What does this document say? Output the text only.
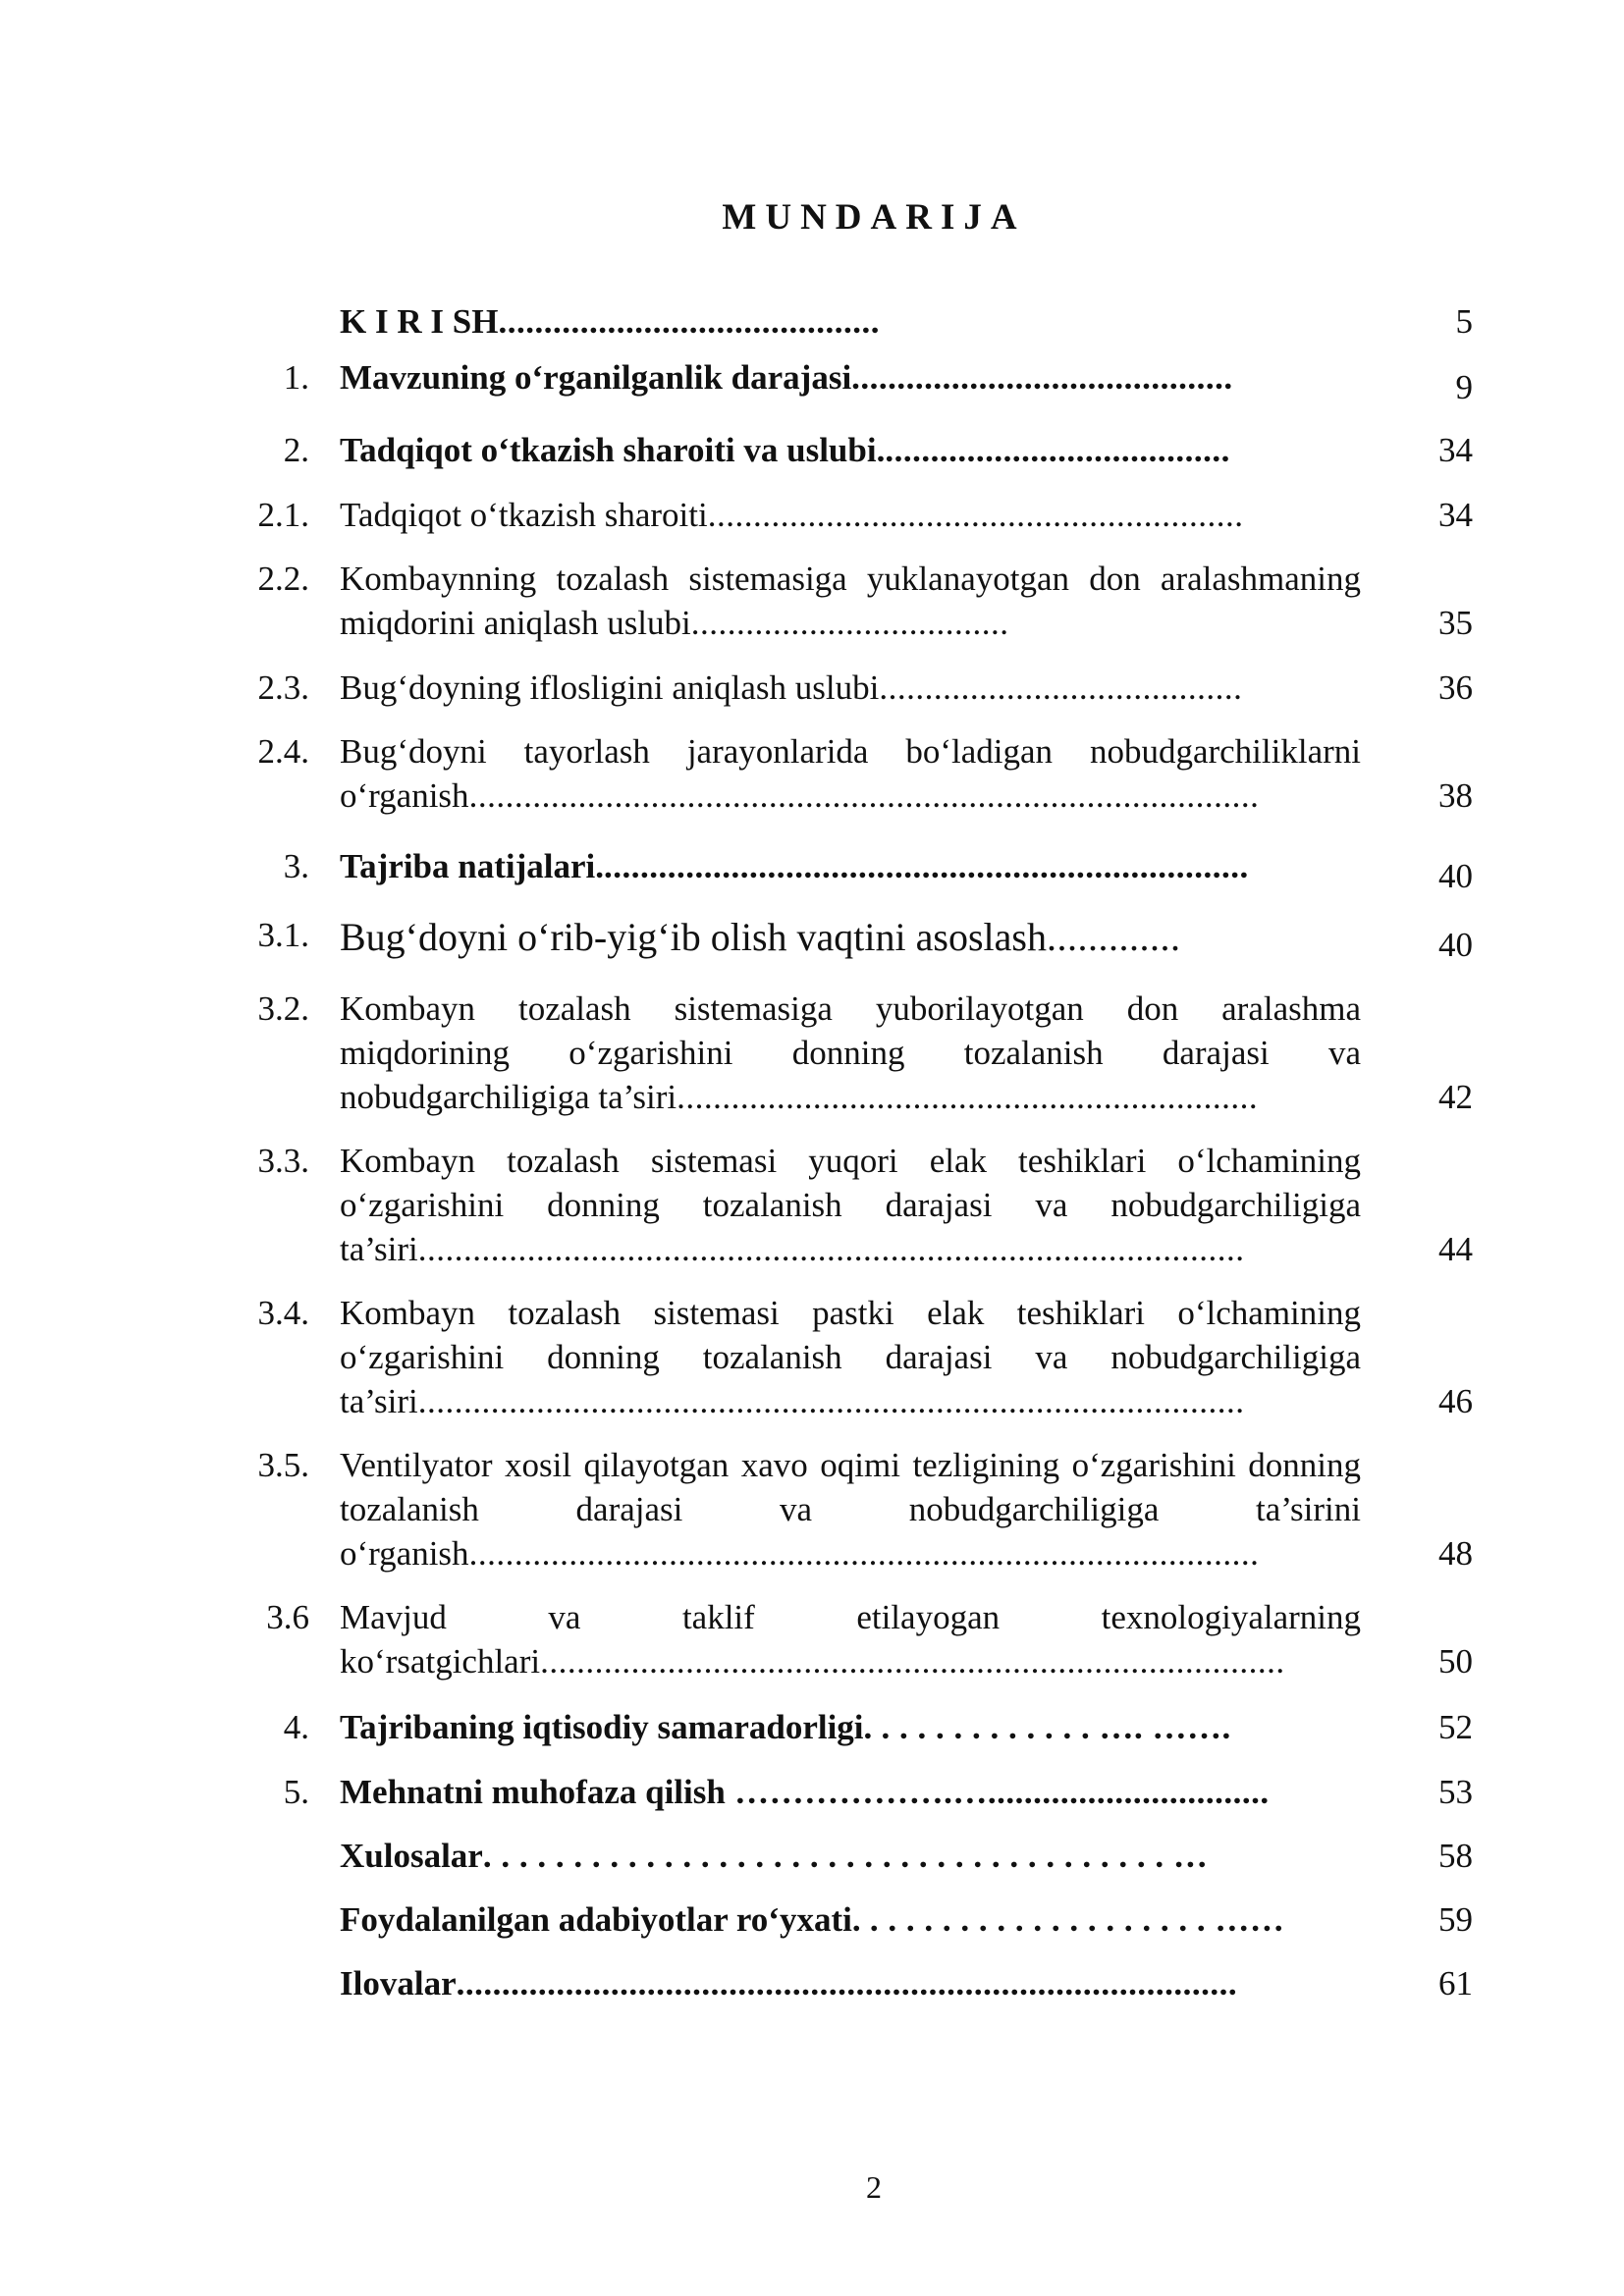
MUNDARIJA
K I R I SH..........................................	5
1. Mavzuning o‘rganilganlik darajasi..........................................	9
2. Tadqiqot o‘tkazish sharoiti va uslubi.......................................	34
2.1. Tadqiqot o‘tkazish sharoiti...........................................................	34
2.2. Kombaynning tozalash sistemasiga yuklanayotgan don aralashmaning miqdorini aniqlash uslubi...................................	35
2.3. Bug‘doyning iflosligini aniqlash uslubi........................................	36
2.4. Bug‘doyni tayorlash jarayonlarida bo‘ladigan nobudgarchiliklarni o‘rganish.......................................................................................	38
3. Tajriba natijalari........................................................................	40
3.1. Bug‘doyni o‘rib-yig‘ib olish vaqtini asoslash.............	40
3.2. Kombayn tozalash sistemasiga yuborilayotgan don aralashma miqdorining o‘zgarishini donning tozalanish darajasi va nobudgarchiligiga ta’siri................................................................	42
3.3. Kombayn tozalash sistemasi yuqori elak teshiklari o‘lchamining o‘zgarishini donning tozalanish darajasi va nobudgarchiligiga ta’siri...........................................................................................	44
3.4. Kombayn tozalash sistemasi pastki elak teshiklari o‘lchamining o‘zgarishini donning tozalanish darajasi va nobudgarchiligiga ta’siri...........................................................................................	46
3.5. Ventilyator xosil qilayotgan xavo oqimi tezligining o‘zgarishini donning tozalanish darajasi va nobudgarchiligiga ta’sirini o‘rganish.......................................................................................	48
3.6 Mavjud va taklif etilayogan texnologiyalarning ko‘rsatgichlari..................................................................................	50
4. Tajribaning iqtisodiy samaradorligi. . . . . . . . . . . . . …. …….	52
5. Mehnatni muhofaza qilish ……………….…...............................	53
Xulosalar. . . . . . . . . . . . . . . . . . . . . . . . . . . . . . . . . . . . . . …	58
Foydalanilgan adabiyotlar ro‘yxati. . . . . . . . . . . . . . . . . . . . ……	59
Ilovalar......................................................................................	61
2
